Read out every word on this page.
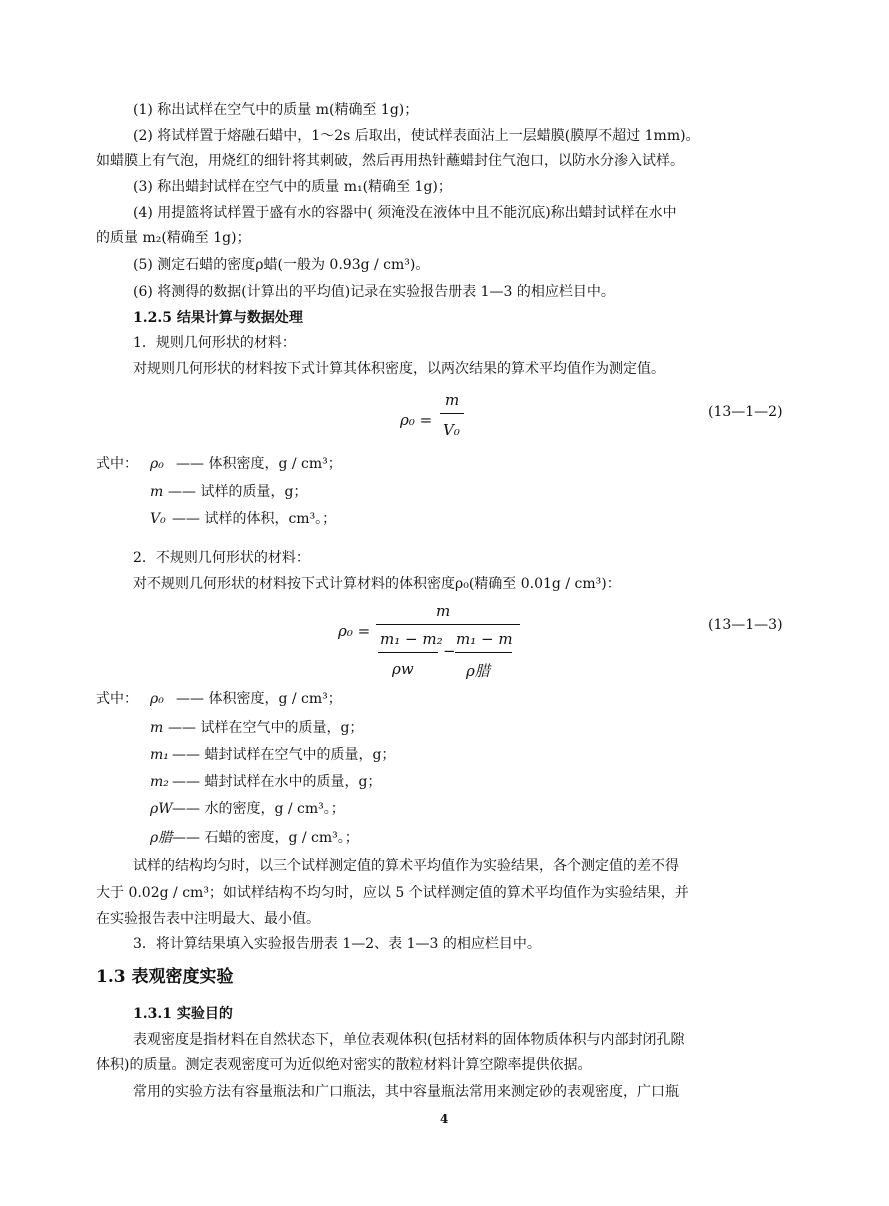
(1) 称出试样在空气中的质量 m(精确至 1g)；
(2) 将试样置于熔融石蜡中，1～2s 后取出，使试样表面沾上一层蜡膜(膜厚不超过 1mm)。
如蜡膜上有气泡，用烧红的细针将其刺破，然后再用热针蘸蜡封住气泡口，以防水分渗入试样。
(3) 称出蜡封试样在空气中的质量 m₁(精确至 1g)；
(4) 用提篮将试样置于盛有水的容器中( 须淹没在液体中且不能沉底)称出蜡封试样在水中
的质量 m₂(精确至 1g)；
(5) 测定石蜡的密度ρ蜡(一般为 0.93g / cm³)。
(6) 将测得的数据(计算出的平均值)记录在实验报告册表 1—3 的相应栏目中。
1.2.5 结果计算与数据处理
1．规则几何形状的材料：
对规则几何形状的材料按下式计算其体积密度，以两次结果的算术平均值作为测定值。
ρ₀ =
m
V₀
(13—1—2)
式中： ρ₀ —— 体积密度，g / cm³；
m —— 试样的质量，g；
V₀ —— 试样的体积，cm³。；
2．不规则几何形状的材料：
对不规则几何形状的材料按下式计算材料的体积密度ρ₀(精确至 0.01g / cm³)：
ρ₀ =
m
m₁ − m₂
ρw
−
m₁ − m
ρ腊
(13—1—3)
式中： ρ₀ —— 体积密度，g / cm³；
m —— 试样在空气中的质量，g；
m₁ —— 蜡封试样在空气中的质量，g；
m₂ —— 蜡封试样在水中的质量，g；
ρW —— 水的密度，g / cm³。；
ρ腊 —— 石蜡的密度，g / cm³。；
试样的结构均匀时，以三个试样测定值的算术平均值作为实验结果，各个测定值的差不得
大于 0.02g / cm³；如试样结构不均匀时，应以 5 个试样测定值的算术平均值作为实验结果，并
在实验报告表中注明最大、最小值。
3．将计算结果填入实验报告册表 1—2、表 1—3 的相应栏目中。
1.3 表观密度实验
1.3.1 实验目的
表观密度是指材料在自然状态下，单位表观体积(包括材料的固体物质体积与内部封闭孔隙
体积)的质量。测定表观密度可为近似绝对密实的散粒材料计算空隙率提供依据。
常用的实验方法有容量瓶法和广口瓶法，其中容量瓶法常用来测定砂的表观密度，广口瓶
4
